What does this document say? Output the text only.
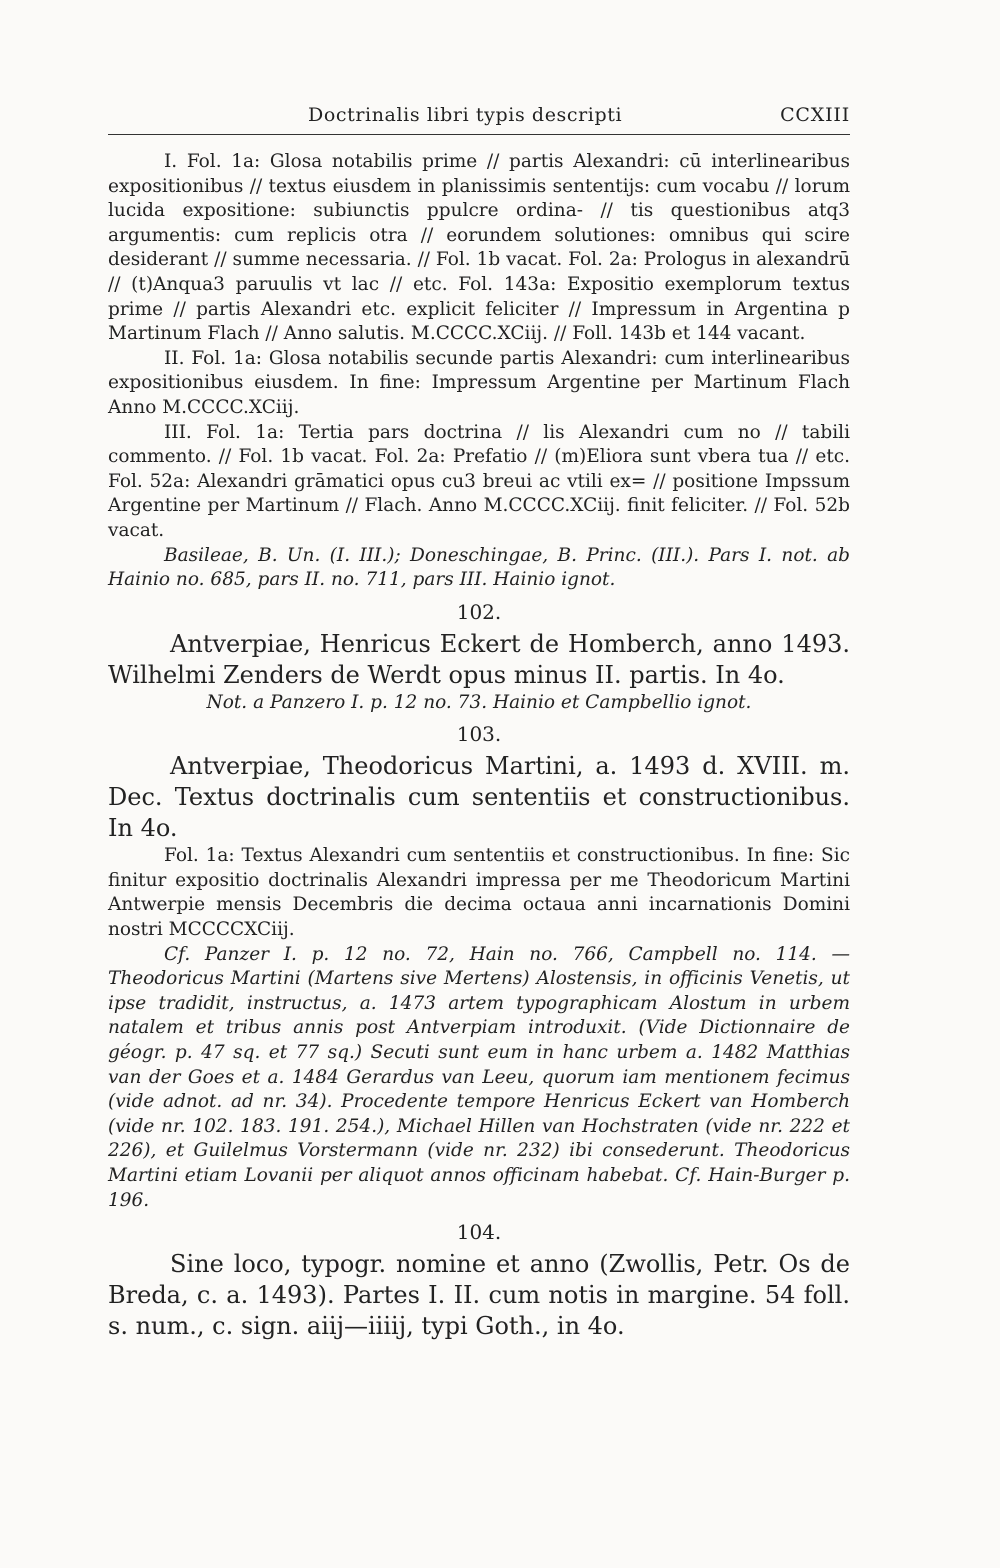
Doctrinalis libri typis descripti	CCXIII

I. Fol. 1a: Glosa notabilis prime // partis Alexandri: cū interlinearibus expositionibus // textus eiusdem in planissimis sententijs: cum vocabu // lorum lucida expositione: subiunctis ppulcre ordina- // tis questionibus atq3 argumentis: cum replicis otra // eorundem solutiones: omnibus qui scire desiderant // summe necessaria. // Fol. 1b vacat. Fol. 2a: Prologus in alexandrū // (t)Anqua3 paruulis vt lac // etc. Fol. 143a: Expositio exemplorum textus prime // partis Alexandri etc. explicit feliciter // Impressum in Argentina p Martinum Flach // Anno salutis. M.CCCC.XCiij. // Foll. 143b et 144 vacant.

II. Fol. 1a: Glosa notabilis secunde partis Alexandri: cum interlinearibus expositionibus eiusdem. In fine: Impressum Argentine per Martinum Flach Anno M.CCCC.XCiij.

III. Fol. 1a: Tertia pars doctrina // lis Alexandri cum no // tabili commento. // Fol. 1b vacat. Fol. 2a: Prefatio // (m)Eliora sunt vbera tua // etc. Fol. 52a: Alexandri grāmatici opus cu3 breui ac vtili ex= // positione Impssum Argentine per Martinum // Flach. Anno M.CCCC.XCiij. finit feliciter. // Fol. 52b vacat.

Basileae, B. Un. (I. III.); Doneschingae, B. Princ. (III.). Pars I. not. ab Hainio no. 685, pars II. no. 711, pars III. Hainio ignot.

102.

Antverpiae, Henricus Eckert de Homberch, anno 1493. Wilhelmi Zenders de Werdt opus minus II. partis. In 4o.

Not. a Panzero I. p. 12 no. 73. Hainio et Campbellio ignot.

103.

Antverpiae, Theodoricus Martini, a. 1493 d. XVIII. m. Dec. Textus doctrinalis cum sententiis et constructionibus. In 4o.

Fol. 1a: Textus Alexandri cum sententiis et constructionibus. In fine: Sic finitur expositio doctrinalis Alexandri impressa per me Theodoricum Martini Antwerpie mensis Decembris die decima octaua anni incarnationis Domini nostri MCCCCXCiij.

Cf. Panzer I. p. 12 no. 72, Hain no. 766, Campbell no. 114. — Theodoricus Martini (Martens sive Mertens) Alostensis, in officinis Venetis, ut ipse tradidit, instructus, a. 1473 artem typographicam Alostum in urbem natalem et tribus annis post Antverpiam introduxit. (Vide Dictionnaire de géogr. p. 47 sq. et 77 sq.) Secuti sunt eum in hanc urbem a. 1482 Matthias van der Goes et a. 1484 Gerardus van Leeu, quorum iam mentionem fecimus (vide adnot. ad nr. 34). Procedente tempore Henricus Eckert van Homberch (vide nr. 102. 183. 191. 254.), Michael Hillen van Hochstraten (vide nr. 222 et 226), et Guilelmus Vorstermann (vide nr. 232) ibi consederunt. Theodoricus Martini etiam Lovanii per aliquot annos officinam habebat. Cf. Hain-Burger p. 196.

104.

Sine loco, typogr. nomine et anno (Zwollis, Petr. Os de Breda, c. a. 1493). Partes I. II. cum notis in margine. 54 foll. s. num., c. sign. aiij—iiiij, typi Goth., in 4o.
